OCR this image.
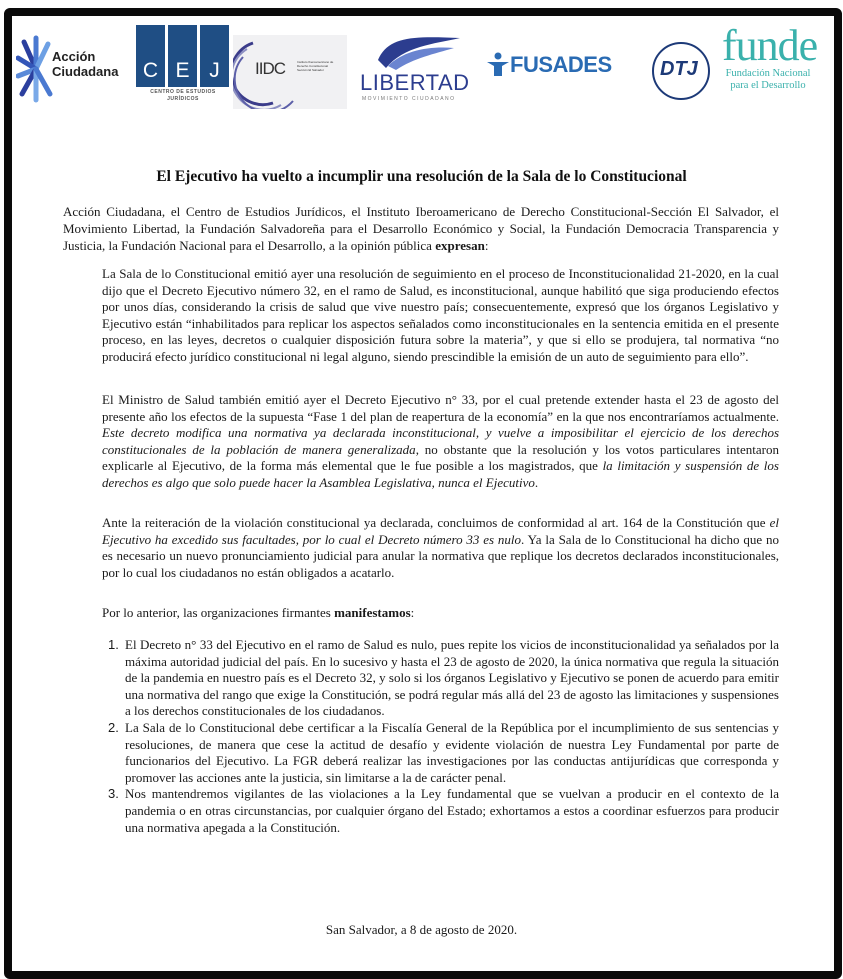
Acción
Ciudadana	C E J
CENTRO DE ESTUDIOS
JURÍDICOS
IIDC	Instituto Iberoamericano de Derecho Constitucional Sección El Salvador	LIBERTAD
MOVIMIENTO CIUDADANO
FUSADES DTJ funde
Fundación Nacional
para el Desarrollo
El Ejecutivo ha vuelto a incumplir una resolución de la Sala de lo Constitucional
Acción Ciudadana, el Centro de Estudios Jurídicos, el Instituto Iberoamericano de Derecho Constitucional-Sección El Salvador, el Movimiento Libertad, la Fundación Salvadoreña para el Desarrollo Económico y Social, la Fundación Democracia Transparencia y Justicia, la Fundación Nacional para el Desarrollo, a la opinión pública expresan:
La Sala de lo Constitucional emitió ayer una resolución de seguimiento en el proceso de Inconstitucionalidad 21-2020, en la cual dijo que el Decreto Ejecutivo número 32, en el ramo de Salud, es inconstitucional, aunque habilitó que siga produciendo efectos por unos días, considerando la crisis de salud que vive nuestro país; consecuentemente, expresó que los órganos Legislativo y Ejecutivo están “inhabilitados para replicar los aspectos señalados como inconstitucionales en la sentencia emitida en el presente proceso, en las leyes, decretos o cualquier disposición futura sobre la materia”, y que si ello se produjera, tal normativa “no producirá efecto jurídico constitucional ni legal alguno, siendo prescindible la emisión de un auto de seguimiento para ello”.
El Ministro de Salud también emitió ayer el Decreto Ejecutivo n° 33, por el cual pretende extender hasta el 23 de agosto del presente año los efectos de la supuesta “Fase 1 del plan de reapertura de la economía” en la que nos encontraríamos actualmente. Este decreto modifica una normativa ya declarada inconstitucional, y vuelve a imposibilitar el ejercicio de los derechos constitucionales de la población de manera generalizada, no obstante que la resolución y los votos particulares intentaron explicarle al Ejecutivo, de la forma más elemental que le fue posible a los magistrados, que la limitación y suspensión de los derechos es algo que solo puede hacer la Asamblea Legislativa, nunca el Ejecutivo.
Ante la reiteración de la violación constitucional ya declarada, concluimos de conformidad al art. 164 de la Constitución que el Ejecutivo ha excedido sus facultades, por lo cual el Decreto número 33 es nulo. Ya la Sala de lo Constitucional ha dicho que no es necesario un nuevo pronunciamiento judicial para anular la normativa que replique los decretos declarados inconstitucionales, por lo cual los ciudadanos no están obligados a acatarlo.
Por lo anterior, las organizaciones firmantes manifestamos:
1. El Decreto n° 33 del Ejecutivo en el ramo de Salud es nulo, pues repite los vicios de inconstitucionalidad ya señalados por la máxima autoridad judicial del país. En lo sucesivo y hasta el 23 de agosto de 2020, la única normativa que regula la situación de la pandemia en nuestro país es el Decreto 32, y solo si los órganos Legislativo y Ejecutivo se ponen de acuerdo para emitir una normativa del rango que exige la Constitución, se podrá regular más allá del 23 de agosto las limitaciones y suspensiones a los derechos constitucionales de los ciudadanos.
2. La Sala de lo Constitucional debe certificar a la Fiscalía General de la República por el incumplimiento de sus sentencias y resoluciones, de manera que cese la actitud de desafío y evidente violación de nuestra Ley Fundamental por parte de funcionarios del Ejecutivo. La FGR deberá realizar las investigaciones por las conductas antijurídicas que corresponda y promover las acciones ante la justicia, sin limitarse a la de carácter penal.
3. Nos mantendremos vigilantes de las violaciones a la Ley fundamental que se vuelvan a producir en el contexto de la pandemia o en otras circunstancias, por cualquier órgano del Estado; exhortamos a estos a coordinar esfuerzos para producir una normativa apegada a la Constitución.
San Salvador, a 8 de agosto de 2020.
